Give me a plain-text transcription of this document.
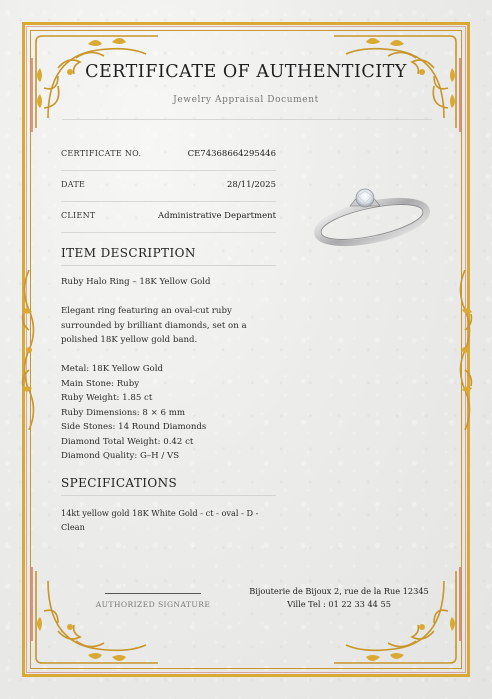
CERTIFICATE OF AUTHENTICITY
Jewelry Appraisal Document
CERTIFICATE NO.	CE74368664295446
DATE	28/11/2025
CLIENT	Administrative Department
ITEM DESCRIPTION
Ruby Halo Ring – 18K Yellow Gold
Elegant ring featuring an oval-cut ruby surrounded by brilliant diamonds, set on a polished 18K yellow gold band.
Metal: 18K Yellow Gold
Main Stone: Ruby
Ruby Weight: 1.85 ct
Ruby Dimensions: 8 × 6 mm
Side Stones: 14 Round Diamonds
Diamond Total Weight: 0.42 ct
Diamond Quality: G–H / VS
SPECIFICATIONS
14kt yellow gold 18K White Gold - ct - oval - D - Clean
AUTHORIZED SIGNATURE
Bijouterie de Bijoux 2, rue de la Rue 12345
Ville Tel : 01 22 33 44 55
